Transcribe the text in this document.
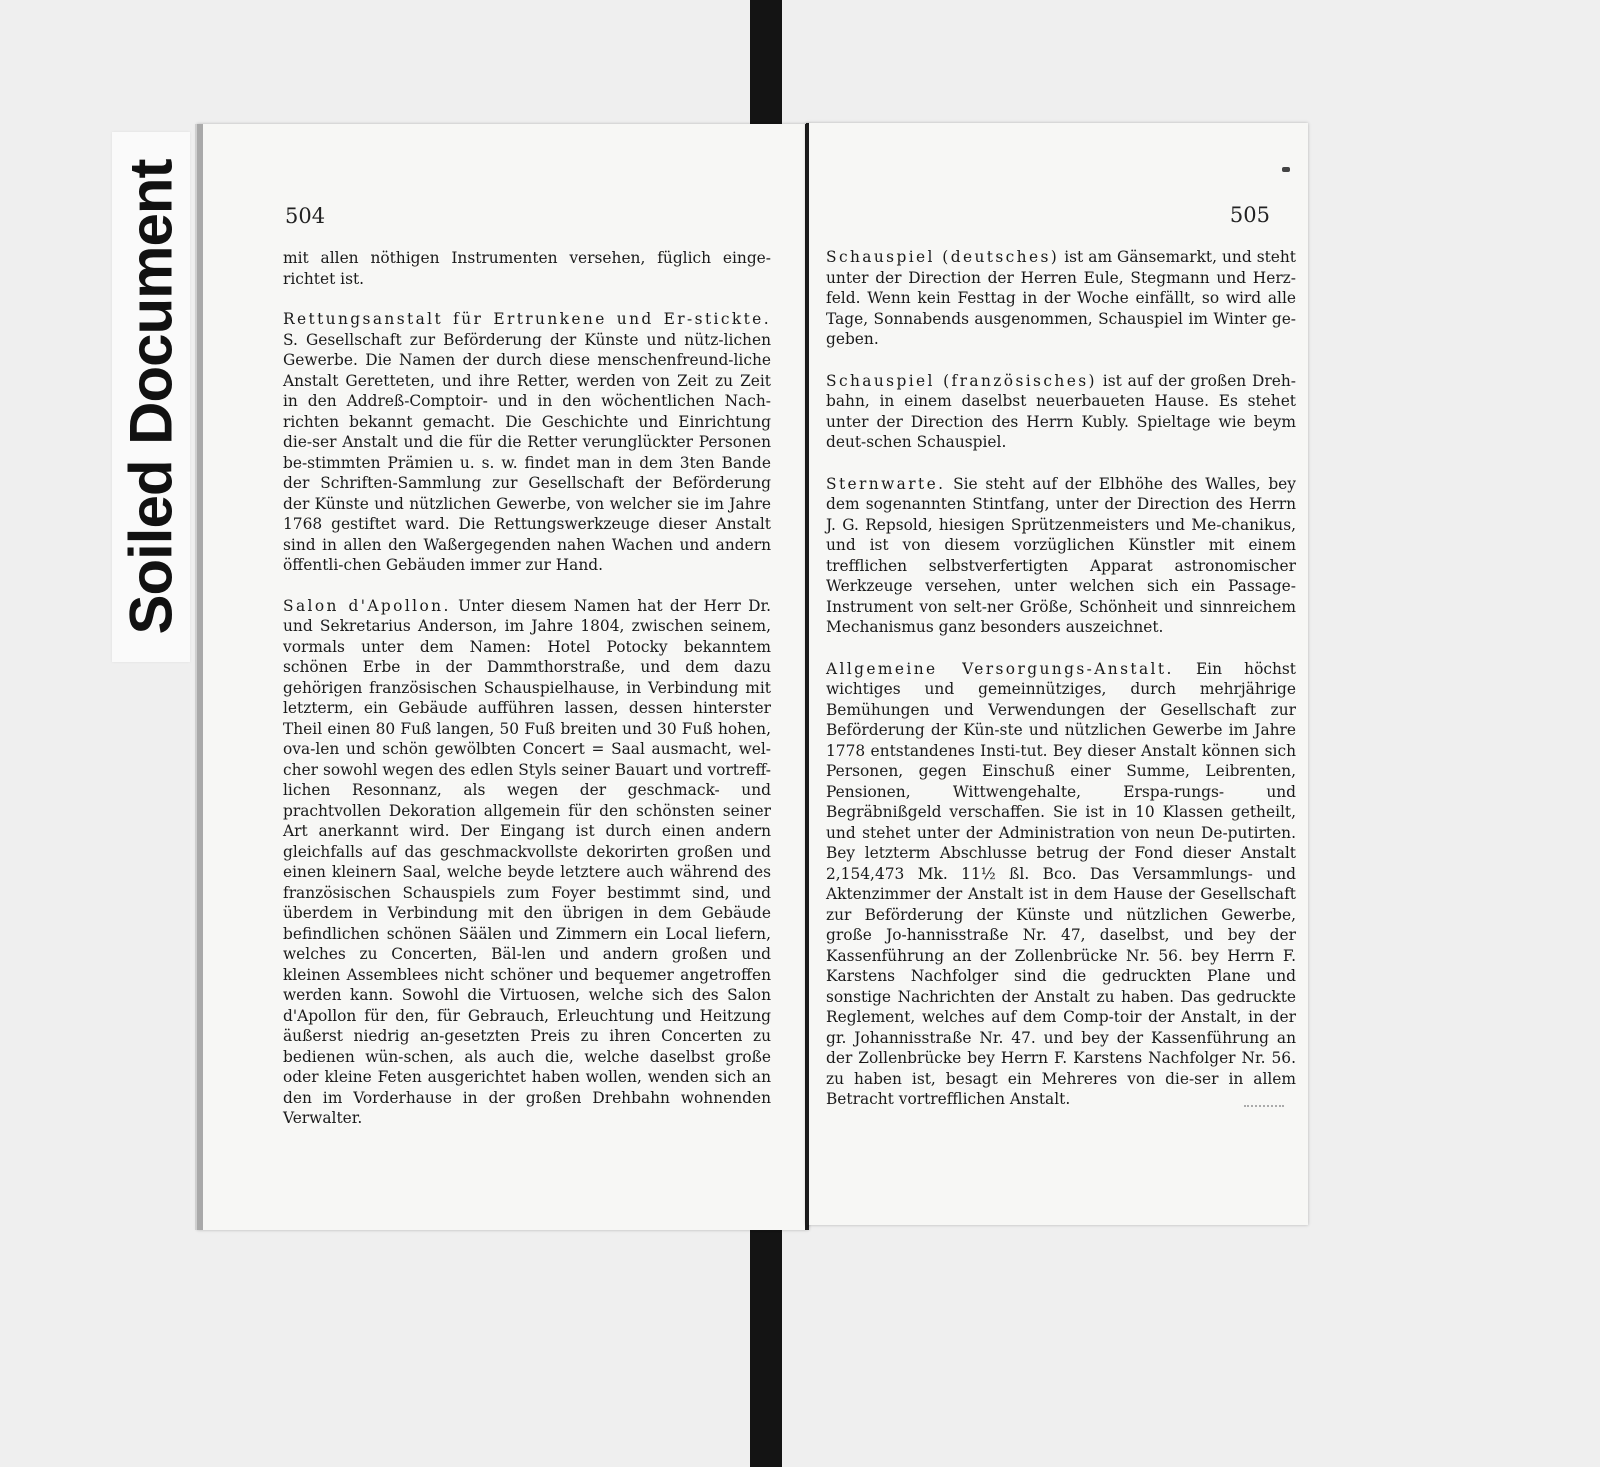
Soiled Document	504

mit allen nöthigen Instrumenten versehen, füglich einge-richtet ist.

Rettungsanstalt für Ertrunkene und Er-stickte. S. Gesellschaft zur Beförderung der Künste und nütz-lichen Gewerbe. Die Namen der durch diese menschenfreund-liche Anstalt Geretteten, und ihre Retter, werden von Zeit zu Zeit in den Addreß-Comptoir- und in den wöchentlichen Nach-richten bekannt gemacht. Die Geschichte und Einrichtung die-ser Anstalt und die für die Retter verunglückter Personen be-stimmten Prämien u. s. w. findet man in dem 3ten Bande der Schriften-Sammlung zur Gesellschaft der Beförderung der Künste und nützlichen Gewerbe, von welcher sie im Jahre 1768 gestiftet ward. Die Rettungswerkzeuge dieser Anstalt sind in allen den Waßergegenden nahen Wachen und andern öffentli-chen Gebäuden immer zur Hand.

Salon d'Apollon. Unter diesem Namen hat der Herr Dr. und Sekretarius Anderson, im Jahre 1804, zwischen seinem, vormals unter dem Namen: Hotel Potocky bekanntem schönen Erbe in der Dammthorstraße, und dem dazu gehörigen französischen Schauspielhause, in Verbindung mit letzterm, ein Gebäude aufführen lassen, dessen hinterster Theil einen 80 Fuß langen, 50 Fuß breiten und 30 Fuß hohen, ova-len und schön gewölbten Concert = Saal ausmacht, wel-cher sowohl wegen des edlen Styls seiner Bauart und vortreff-lichen Resonnanz, als wegen der geschmack- und prachtvollen Dekoration allgemein für den schönsten seiner Art anerkannt wird. Der Eingang ist durch einen andern gleichfalls auf das geschmackvollste dekorirten großen und einen kleinern Saal, welche beyde letztere auch während des französischen Schauspiels zum Foyer bestimmt sind, und überdem in Verbindung mit den übrigen in dem Gebäude befindlichen schönen Säälen und Zimmern ein Local liefern, welches zu Concerten, Bäl-len und andern großen und kleinen Assemblees nicht schöner und bequemer angetroffen werden kann. Sowohl die Virtuosen, welche sich des Salon d'Apollon für den, für Gebrauch, Erleuchtung und Heitzung äußerst niedrig an-gesetzten Preis zu ihren Concerten zu bedienen wün-schen, als auch die, welche daselbst große oder kleine Feten ausgerichtet haben wollen, wenden sich an den im Vorderhause in der großen Drehbahn wohnenden Verwalter.

505

Schauspiel (deutsches) ist am Gänsemarkt, und steht unter der Direction der Herren Eule, Stegmann und Herz-feld. Wenn kein Festtag in der Woche einfällt, so wird alle Tage, Sonnabends ausgenommen, Schauspiel im Winter ge-geben.

Schauspiel (französisches) ist auf der großen Dreh-bahn, in einem daselbst neuerbaueten Hause. Es stehet unter der Direction des Herrn Kubly. Spieltage wie beym deut-schen Schauspiel.

Sternwarte. Sie steht auf der Elbhöhe des Walles, bey dem sogenannten Stintfang, unter der Direction des Herrn J. G. Repsold, hiesigen Sprützenmeisters und Me-chanikus, und ist von diesem vorzüglichen Künstler mit einem trefflichen selbstverfertigten Apparat astronomischer Werkzeuge versehen, unter welchen sich ein Passage-Instrument von selt-ner Größe, Schönheit und sinnreichem Mechanismus ganz besonders auszeichnet.

Allgemeine Versorgungs-Anstalt. Ein höchst wichtiges und gemeinnütziges, durch mehrjährige Bemühungen und Verwendungen der Gesellschaft zur Beförderung der Kün-ste und nützlichen Gewerbe im Jahre 1778 entstandenes Insti-tut. Bey dieser Anstalt können sich Personen, gegen Einschuß einer Summe, Leibrenten, Pensionen, Wittwengehalte, Erspa-rungs- und Begräbnißgeld verschaffen. Sie ist in 10 Klassen getheilt, und stehet unter der Administration von neun De-putirten. Bey letzterm Abschlusse betrug der Fond dieser Anstalt 2,154,473 Mk. 11½ ßl. Bco. Das Versammlungs- und Aktenzimmer der Anstalt ist in dem Hause der Gesellschaft zur Beförderung der Künste und nützlichen Gewerbe, große Jo-hannisstraße Nr. 47, daselbst, und bey der Kassenführung an der Zollenbrücke Nr. 56. bey Herrn F. Karstens Nachfolger sind die gedruckten Plane und sonstige Nachrichten der Anstalt zu haben. Das gedruckte Reglement, welches auf dem Comp-toir der Anstalt, in der gr. Johannisstraße Nr. 47. und bey der Kassenführung an der Zollenbrücke bey Herrn F. Karstens Nachfolger Nr. 56. zu haben ist, besagt ein Mehreres von die-ser in allem Betracht vortrefflichen Anstalt.
